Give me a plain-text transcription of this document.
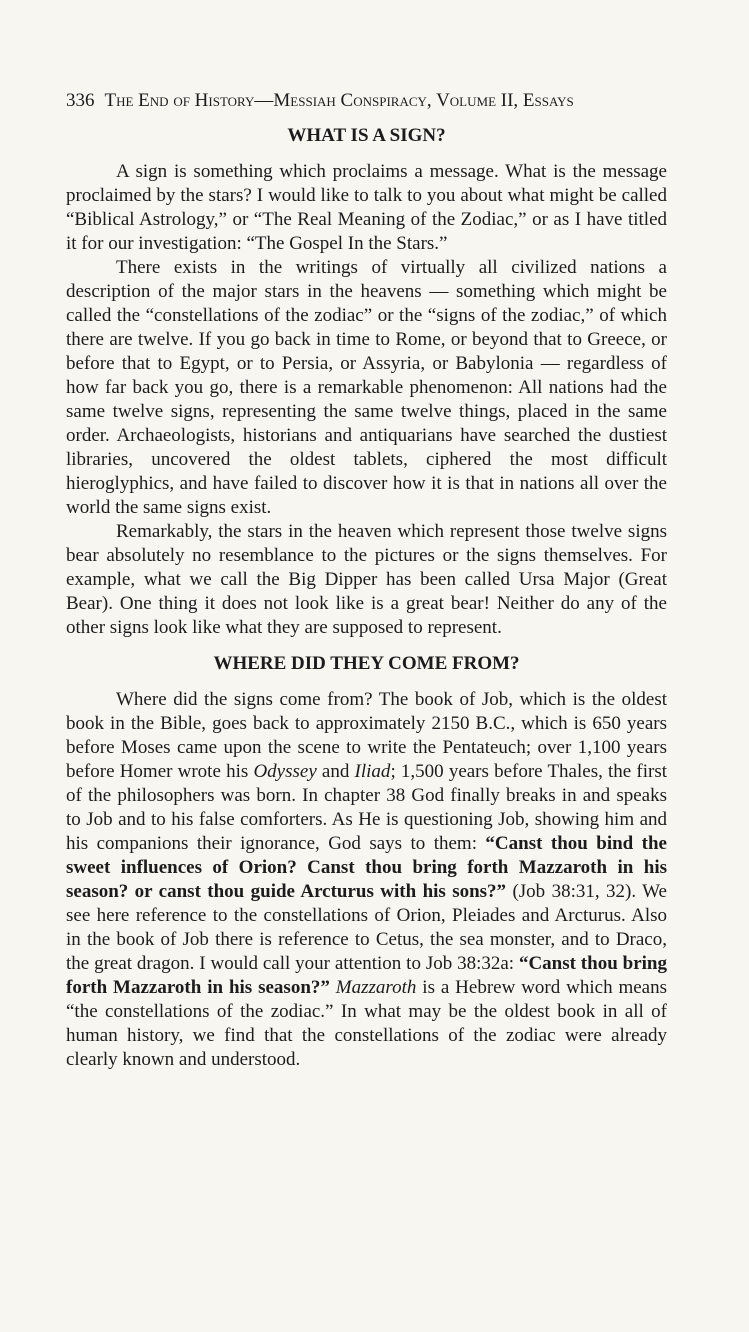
336 The End of History—Messiah Conspiracy, Volume II, Essays
WHAT IS A SIGN?

A sign is something which proclaims a message. What is the message proclaimed by the stars? I would like to talk to you about what might be called “Biblical Astrology,” or “The Real Meaning of the Zodiac,” or as I have titled it for our investigation: “The Gospel In the Stars.”

There exists in the writings of virtually all civilized nations a description of the major stars in the heavens — something which might be called the “constellations of the zodiac” or the “signs of the zodiac,” of which there are twelve. If you go back in time to Rome, or beyond that to Greece, or before that to Egypt, or to Persia, or Assyria, or Babylonia — regardless of how far back you go, there is a remarkable phenomenon: All nations had the same twelve signs, representing the same twelve things, placed in the same order. Archaeologists, historians and antiquarians have searched the dustiest libraries, uncovered the oldest tablets, ciphered the most difficult hieroglyphics, and have failed to discover how it is that in nations all over the world the same signs exist.

Remarkably, the stars in the heaven which represent those twelve signs bear absolutely no resemblance to the pictures or the signs themselves. For example, what we call the Big Dipper has been called Ursa Major (Great Bear). One thing it does not look like is a great bear! Neither do any of the other signs look like what they are supposed to represent.

WHERE DID THEY COME FROM?

Where did the signs come from? The book of Job, which is the oldest book in the Bible, goes back to approximately 2150 B.C., which is 650 years before Moses came upon the scene to write the Pentateuch; over 1,100 years before Homer wrote his Odyssey and Iliad; 1,500 years before Thales, the first of the philosophers was born. In chapter 38 God finally breaks in and speaks to Job and to his false comforters. As He is questioning Job, showing him and his companions their ignorance, God says to them: “Canst thou bind the sweet influences of Orion? Canst thou bring forth Mazzaroth in his season? or canst thou guide Arcturus with his sons?” (Job 38:31, 32). We see here reference to the constellations of Orion, Pleiades and Arcturus. Also in the book of Job there is reference to Cetus, the sea monster, and to Draco, the great dragon. I would call your attention to Job 38:32a: “Canst thou bring forth Mazzaroth in his season?” Mazzaroth is a Hebrew word which means “the constellations of the zodiac.” In what may be the oldest book in all of human history, we find that the constellations of the zodiac were already clearly known and understood.
